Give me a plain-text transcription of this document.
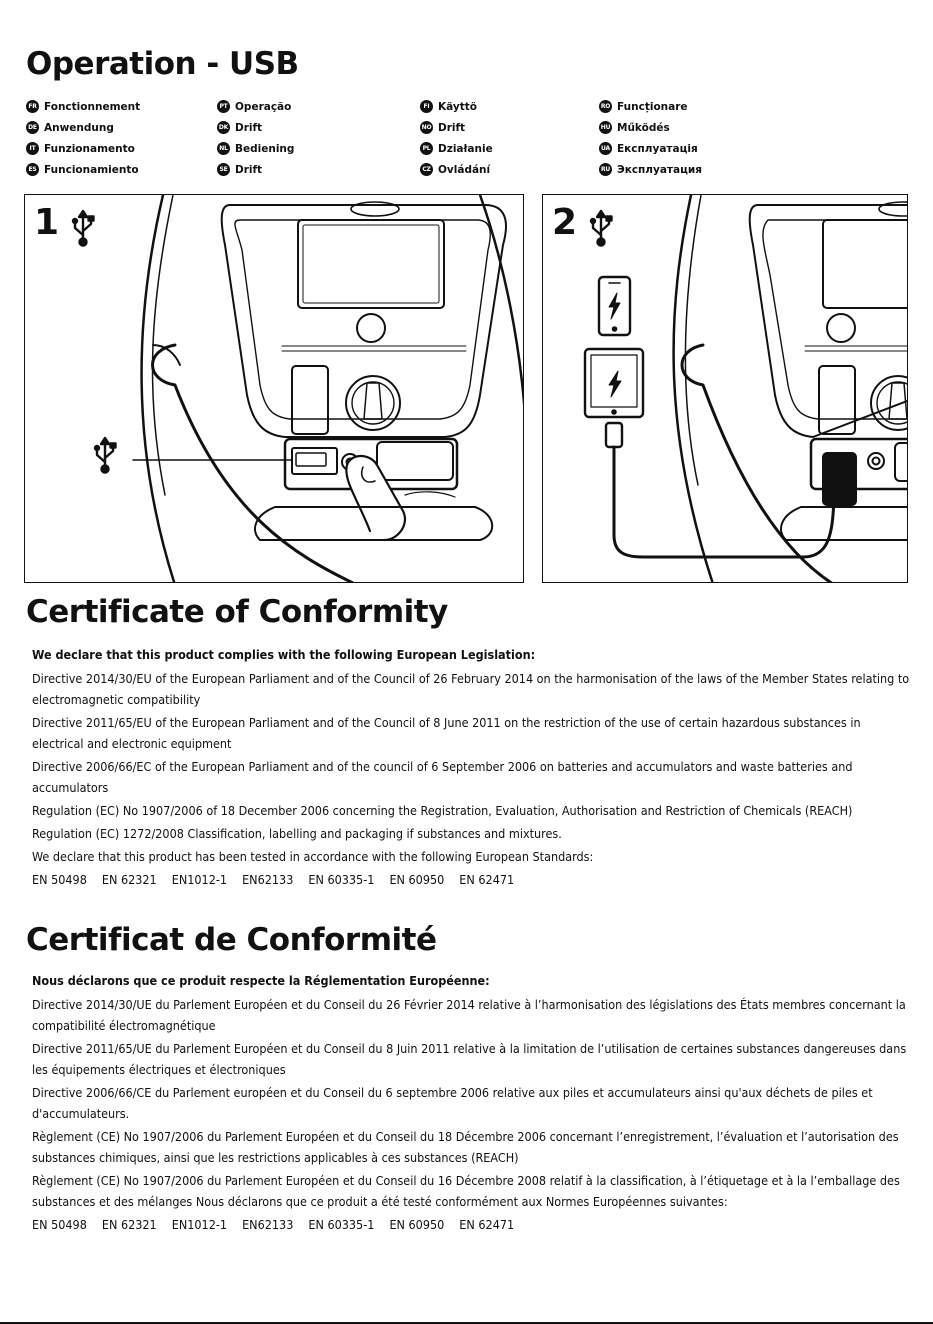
Operation - USB
FR Fonctionnement
DE Anwendung
IT Funzionamento
ES Funcionamiento
PT Operação
DK Drift
NL Bediening
SE Drift
FI Käyttö
NO Drift
PL Działanie
CZ Ovládání
RO Funcționare
HU Működés
UA Експлуатація
RU Эксплуатация
1	2
Certificate of Conformity

We declare that this product complies with the following European Legislation:

Directive 2014/30/EU of the European Parliament and of the Council of 26 February 2014 on the harmonisation of the laws of the Member States relating to electromagnetic compatibility

Directive 2011/65/EU of the European Parliament and of the Council of 8 June 2011 on the restriction of the use of certain hazardous substances in electrical and electronic equipment

Directive 2006/66/EC of the European Parliament and of the council of 6 September 2006 on batteries and accumulators and waste batteries and accumulators

Regulation (EC) No 1907/2006 of 18 December 2006 concerning the Registration, Evaluation, Authorisation and Restriction of Chemicals (REACH)

Regulation (EC) 1272/2008 Classification, labelling and packaging if substances and mixtures.

We declare that this product has been tested in accordance with the following European Standards:

EN 50498 EN 62321 EN1012-1 EN62133 EN 60335-1 EN 60950 EN 62471

Certificat de Conformité

Nous déclarons que ce produit respecte la Réglementation Européenne:

Directive 2014/30/UE du Parlement Européen et du Conseil du 26 Février 2014 relative à l’harmonisation des législations des États membres concernant la compatibilité électromagnétique

Directive 2011/65/UE du Parlement Européen et du Conseil du 8 Juin 2011 relative à la limitation de l’utilisation de certaines substances dangereuses dans les équipements électriques et électroniques

Directive 2006/66/CE du Parlement européen et du Conseil du 6 septembre 2006 relative aux piles et accumulateurs ainsi qu'aux déchets de piles et d'accumulateurs.

Règlement (CE) No 1907/2006 du Parlement Européen et du Conseil du 18 Décembre 2006 concernant l’enregistrement, l’évaluation et l’autorisation des substances chimiques, ainsi que les restrictions applicables à ces substances (REACH)

Règlement (CE) No 1907/2006 du Parlement Européen et du Conseil du 16 Décembre 2008 relatif à la classification, à l’étiquetage et à la l’emballage des substances et des mélanges Nous déclarons que ce produit a été testé conformément aux Normes Européennes suivantes:

EN 50498 EN 62321 EN1012-1 EN62133 EN 60335-1 EN 60950 EN 62471
